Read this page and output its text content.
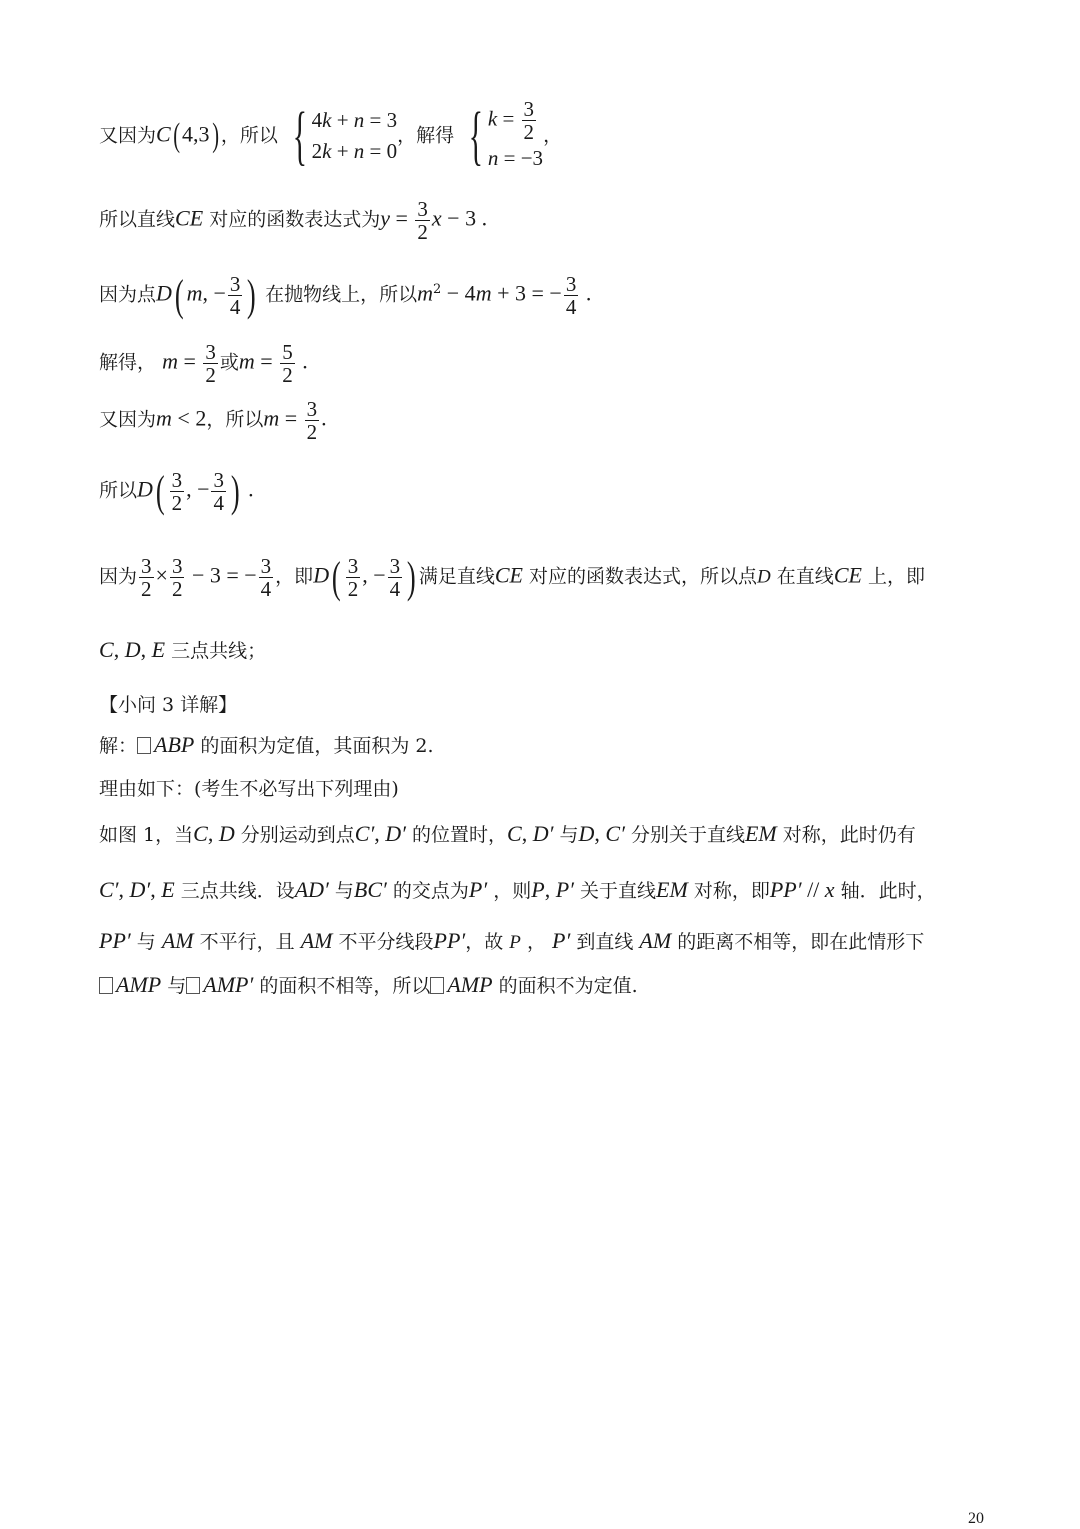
又因为C( 4,3) ，所以 { 4k + n = 3
2k + n = 0
，解得 { $k = \frac{3}{2}$
n = −3
，
所以直线CE 对应的函数表达式为$y = \frac{3}{2}$ x − 3 .
因为点D( m, − $\frac{3}{4}$ ) 在抛物线上，所以$m^2 - 4m + 3$ = − $\frac{3}{4}$ .
解得， $m = \frac{3}{2}$ 或$m = \frac{5}{2}$ .
又因为m < 2，所以$m = \frac{3}{2}$ .
所以$D( \frac{3}{2}$ , − $\frac{3}{4}$ ) .
因为 $\frac{3}{2} \times \frac{3}{2} - 3$ = − $\frac{3}{4}$ ，即$D( \frac{3}{2}$ , − $\frac{3}{4}$ ) 满足直线CE 对应的函数表达式，所以点D 在直线CE 上，即
C, D, E 三点共线；
【小问 3 详解】
解： ABP 的面积为定值，其面积为 2.
理由如下：(考生不必写出下列理由)
如图 1，当C, D 分别运动到点C′, D′ 的位置时，C, D′ 与D, C′ 分别关于直线EM 对称，此时仍有
C′, D′, E 三点共线．设AD′ 与BC′ 的交点为P′ ，则P, P′ 关于直线EM 对称，即PP′ // x 轴．此时，
PP′ 与 AM 不平行，且 AM 不平分线段PP′，故 P ， P′ 到直线 AM 的距离不相等，即在此情形下
AMP 与 AMP′ 的面积不相等，所以 AMP 的面积不为定值.
20
